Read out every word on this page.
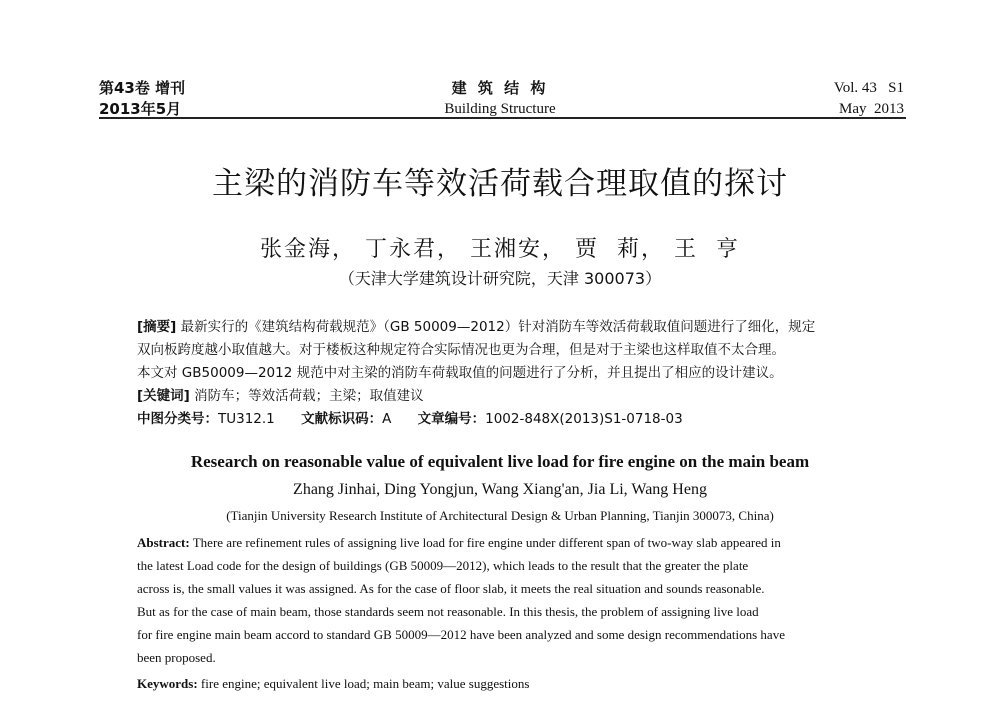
第43卷 增刊
2013年5月
建 筑 结 构
Building Structure
Vol. 43   S1
May  2013
主梁的消防车等效活荷载合理取值的探讨
张金海， 丁永君， 王湘安， 贾  莉， 王  亨
（天津大学建筑设计研究院，天津 300073）
[摘要] 最新实行的《建筑结构荷载规范》（GB 50009—2012）针对消防车等效活荷载取值问题进行了细化，规定
双向板跨度越小取值越大。对于楼板这种规定符合实际情况也更为合理，但是对于主梁也这样取值不太合理。
本文对 GB50009—2012 规范中对主梁的消防车荷载取值的问题进行了分析，并且提出了相应的设计建议。
[关键词] 消防车；等效活荷载；主梁；取值建议
中图分类号：TU312.1 文献标识码：A 文章编号：1002-848X(2013)S1-0718-03
Research on reasonable value of equivalent live load for fire engine on the main beam
Zhang Jinhai, Ding Yongjun, Wang Xiang'an, Jia Li, Wang Heng
(Tianjin University Research Institute of Architectural Design & Urban Planning, Tianjin 300073, China)
Abstract: There are refinement rules of assigning live load for fire engine under different span of two-way slab appeared in
the latest Load code for the design of buildings (GB 50009—2012), which leads to the result that the greater the plate
across is, the small values it was assigned. As for the case of floor slab, it meets the real situation and sounds reasonable.
But as for the case of main beam, those standards seem not reasonable. In this thesis, the problem of assigning live load
for fire engine main beam accord to standard GB 50009—2012 have been analyzed and some design recommendations have
been proposed.
Keywords: fire engine; equivalent live load; main beam; value suggestions
